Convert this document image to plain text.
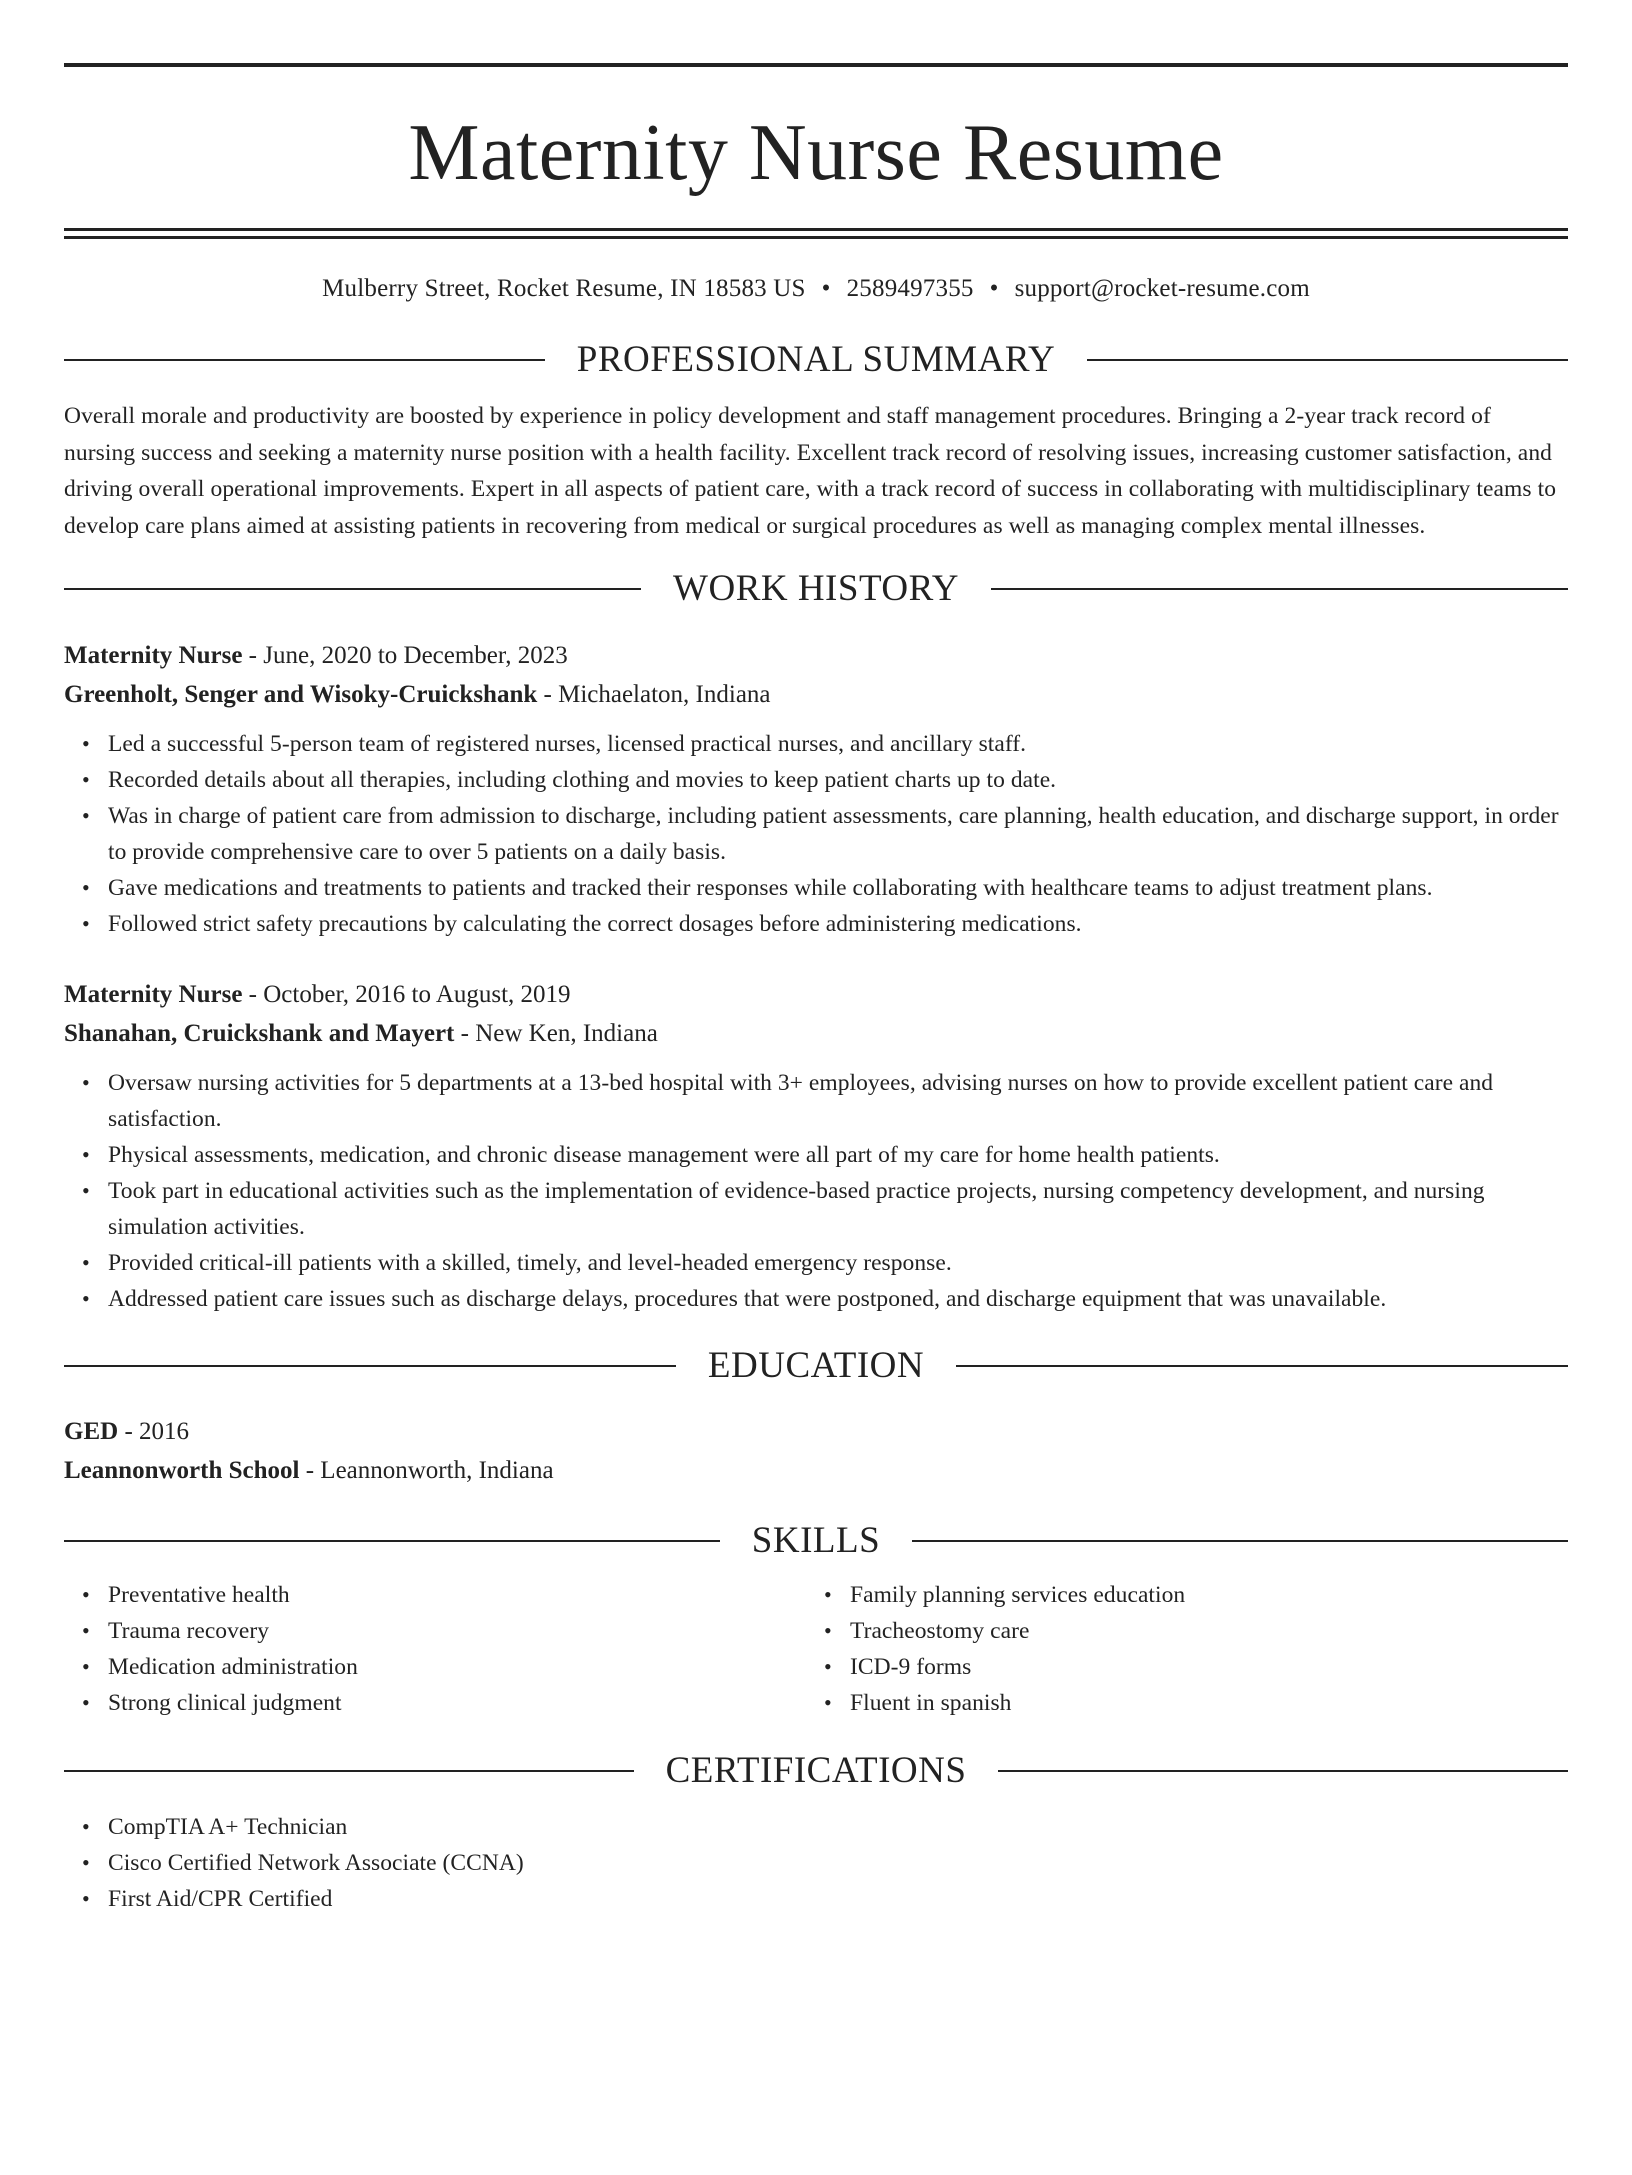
Maternity Nurse Resume
Mulberry Street, Rocket Resume, IN 18583 US • 2589497355 • support@rocket-resume.com
PROFESSIONAL SUMMARY
Overall morale and productivity are boosted by experience in policy development and staff management procedures. Bringing a 2-year track record of nursing success and seeking a maternity nurse position with a health facility. Excellent track record of resolving issues, increasing customer satisfaction, and driving overall operational improvements. Expert in all aspects of patient care, with a track record of success in collaborating with multidisciplinary teams to develop care plans aimed at assisting patients in recovering from medical or surgical procedures as well as managing complex mental illnesses.
WORK HISTORY
Maternity Nurse - June, 2020 to December, 2023
Greenholt, Senger and Wisoky-Cruickshank - Michaelaton, Indiana
• Led a successful 5-person team of registered nurses, licensed practical nurses, and ancillary staff.
• Recorded details about all therapies, including clothing and movies to keep patient charts up to date.
• Was in charge of patient care from admission to discharge, including patient assessments, care planning, health education, and discharge support, in order to provide comprehensive care to over 5 patients on a daily basis.
• Gave medications and treatments to patients and tracked their responses while collaborating with healthcare teams to adjust treatment plans.
• Followed strict safety precautions by calculating the correct dosages before administering medications.
Maternity Nurse - October, 2016 to August, 2019
Shanahan, Cruickshank and Mayert - New Ken, Indiana
• Oversaw nursing activities for 5 departments at a 13-bed hospital with 3+ employees, advising nurses on how to provide excellent patient care and satisfaction.
• Physical assessments, medication, and chronic disease management were all part of my care for home health patients.
• Took part in educational activities such as the implementation of evidence-based practice projects, nursing competency development, and nursing simulation activities.
• Provided critical-ill patients with a skilled, timely, and level-headed emergency response.
• Addressed patient care issues such as discharge delays, procedures that were postponed, and discharge equipment that was unavailable.
EDUCATION
GED - 2016
Leannonworth School - Leannonworth, Indiana
SKILLS
• Preventative health
• Trauma recovery
• Medication administration
• Strong clinical judgment
• Family planning services education
• Tracheostomy care
• ICD-9 forms
• Fluent in spanish
CERTIFICATIONS
• CompTIA A+ Technician
• Cisco Certified Network Associate (CCNA)
• First Aid/CPR Certified
